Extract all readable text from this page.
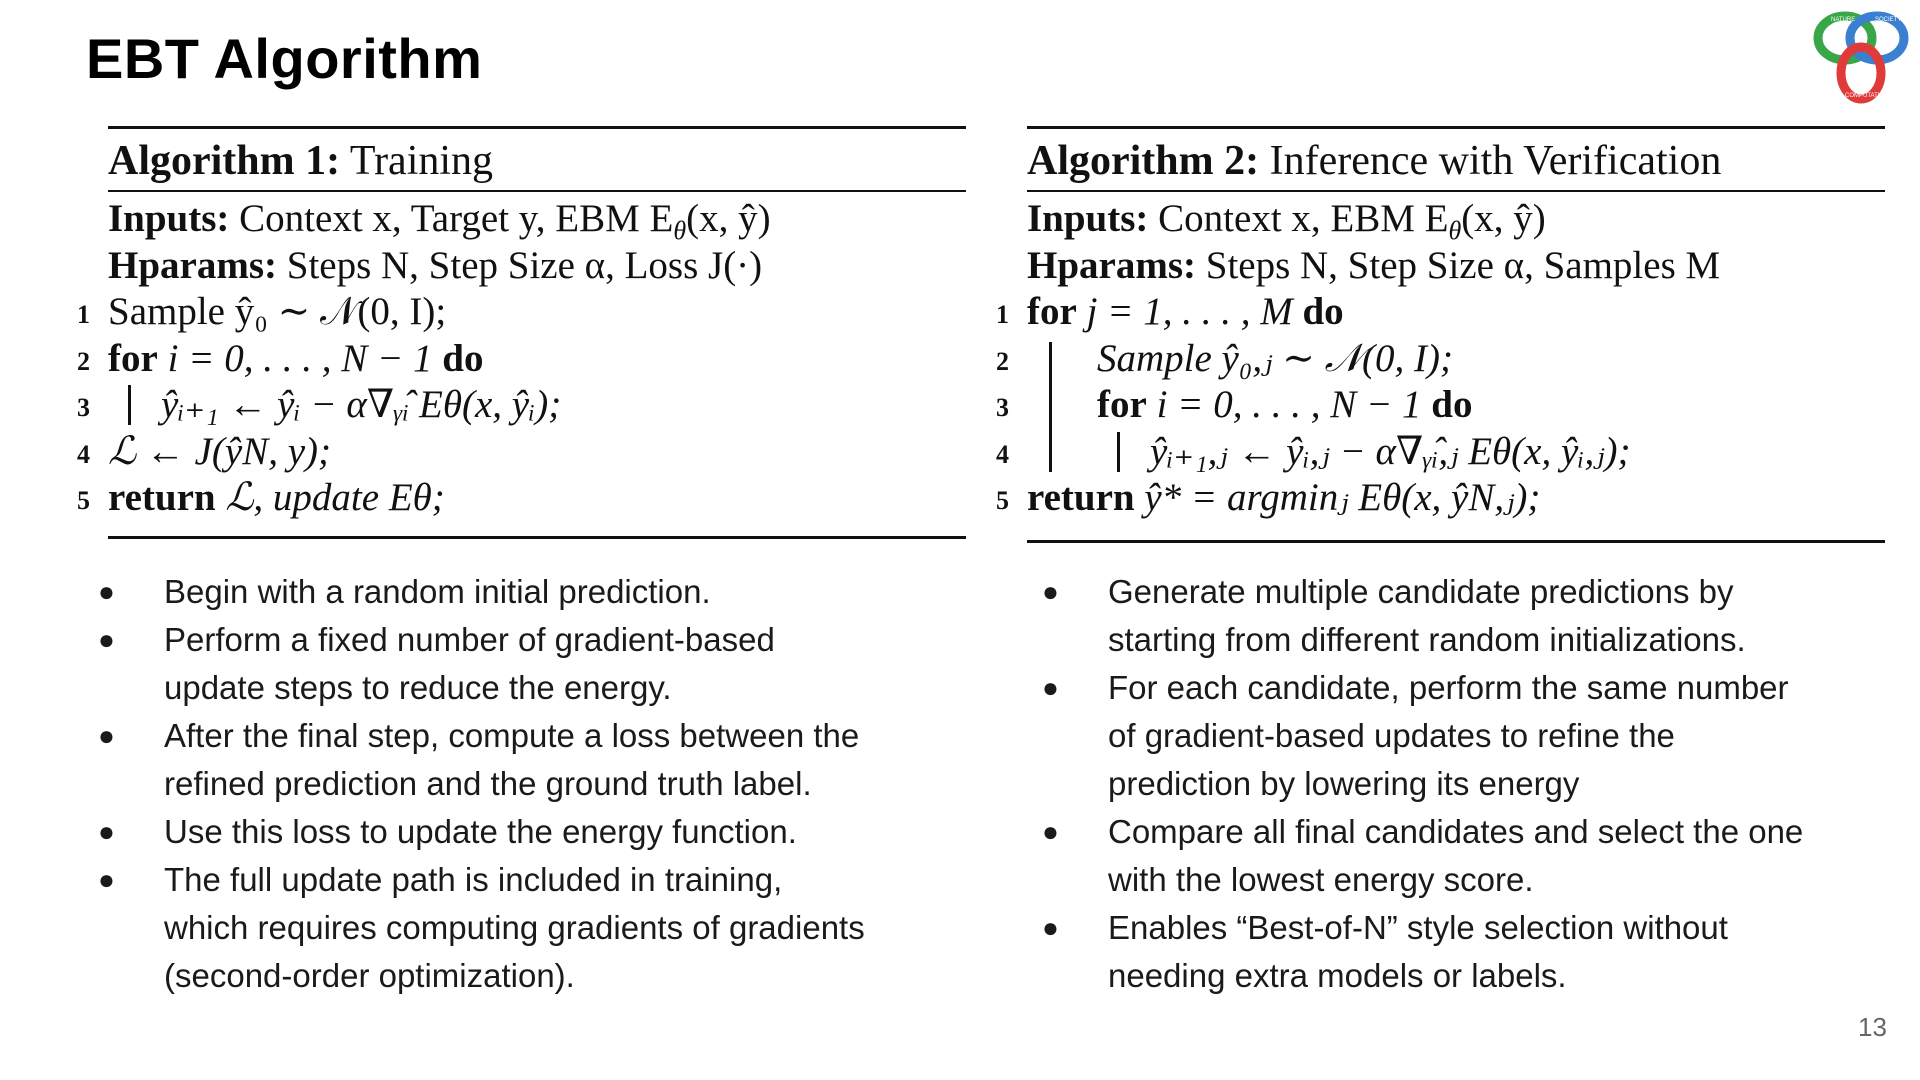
EBT Algorithm
NATURE	SOCIETY
COMPUTATION
Algorithm 1: Training
Inputs: Context x, Target y, EBM $E_\theta(x$, ŷ)
Hparams: Steps N, Step Size α, Loss J(·)
1 Sample ŷ₀ ∼ 𝒩(0, I);
2 for i = 0, . . . , N − 1 do
3 ŷᵢ₊₁ ← ŷᵢ − α∇ᵧ̂ᵢ Eθ(x, ŷᵢ);
4 ℒ ← J(ŷN, y);
5 return ℒ, update Eθ;
Algorithm 2: Inference with Verification
Inputs: Context x, EBM $E_\theta(x$, ŷ)
Hparams: Steps N, Step Size α, Samples M
1 for j = 1, . . . , M do
2 Sample ŷ₀,ⱼ ∼ 𝒩(0, I);
3 for i = 0, . . . , N − 1 do
4	ŷᵢ₊₁,ⱼ ← ŷᵢ,ⱼ − α∇ᵧ̂ᵢ,ⱼ Eθ(x, ŷᵢ,ⱼ);
5 return ŷ* = argminⱼ Eθ(x, ŷN,ⱼ);
● Begin with a random initial prediction.
● Perform a fixed number of gradient-based
update steps to reduce the energy.
● After the final step, compute a loss between the
refined prediction and the ground truth label.
● Use this loss to update the energy function.
● The full update path is included in training,
which requires computing gradients of gradients
(second-order optimization).
● Generate multiple candidate predictions by
starting from different random initializations.
● For each candidate, perform the same number
of gradient-based updates to refine the
prediction by lowering its energy
● Compare all final candidates and select the one
with the lowest energy score.
● Enables “Best-of-N” style selection without
needing extra models or labels.
13
